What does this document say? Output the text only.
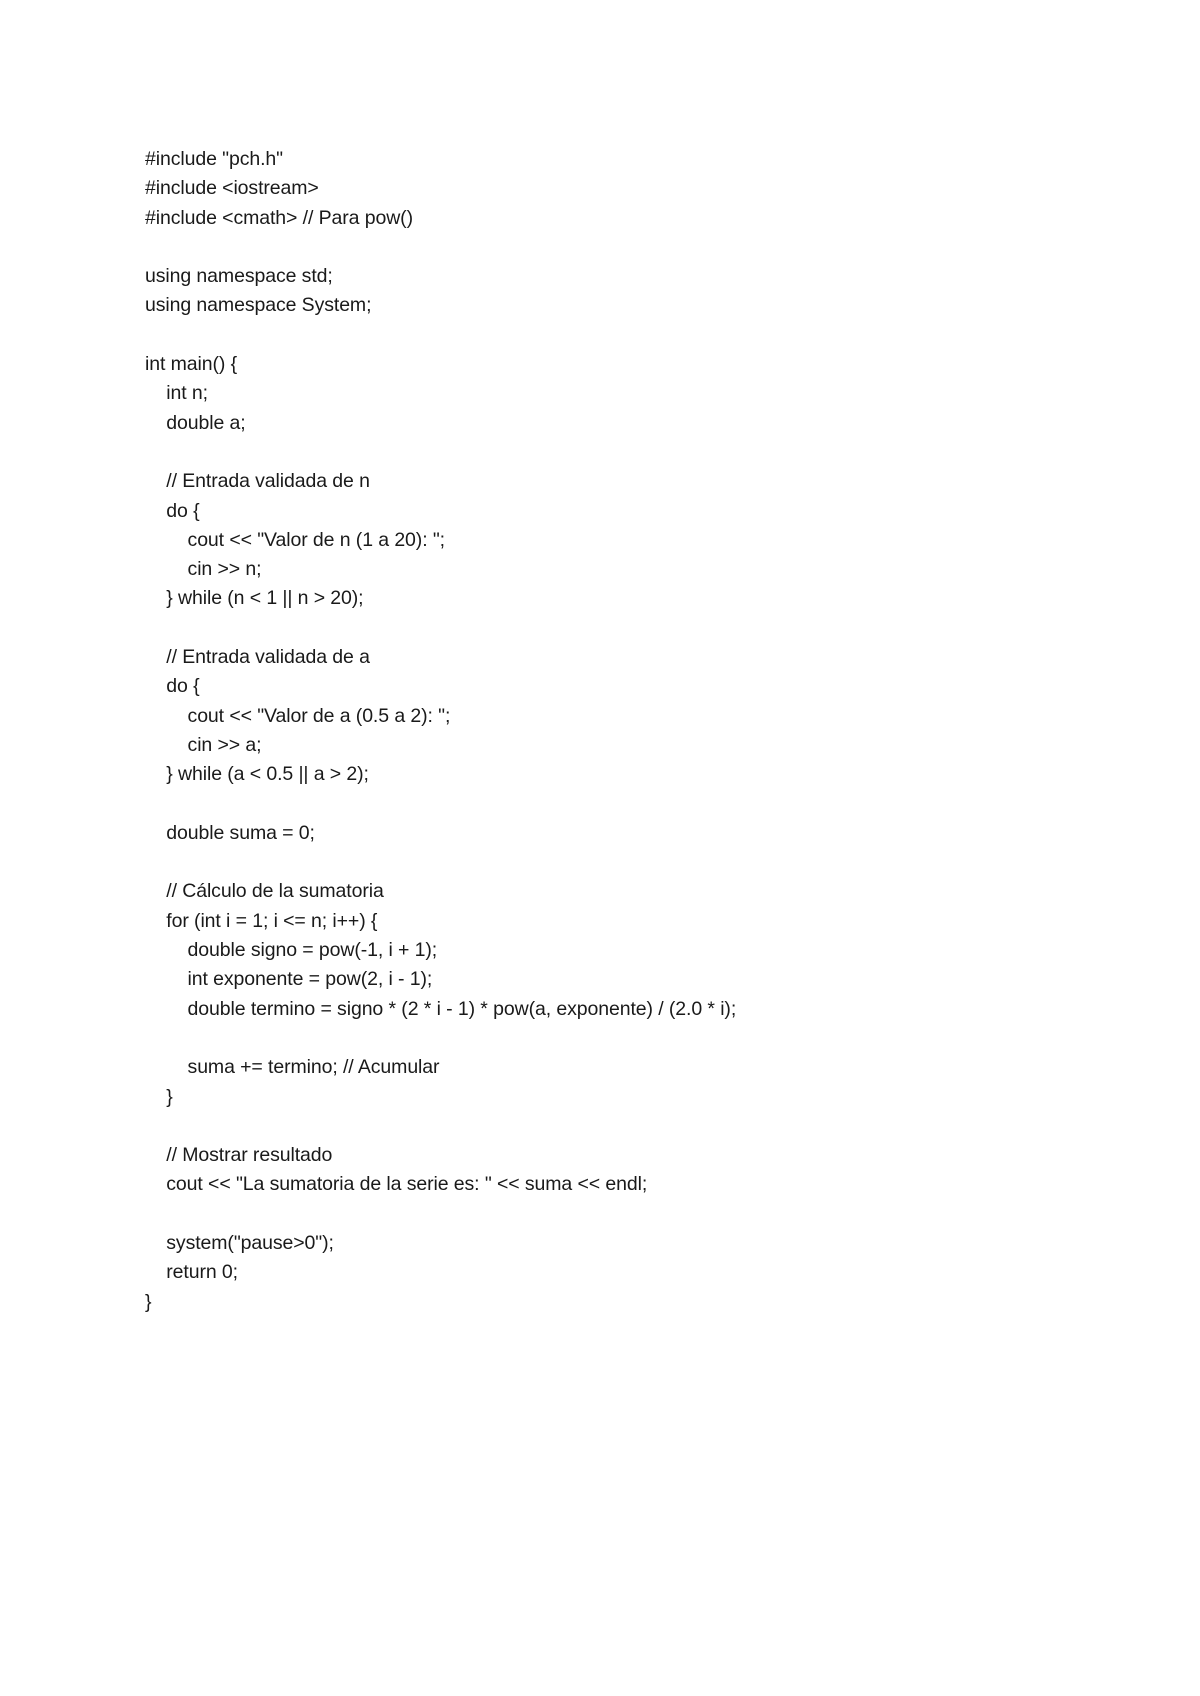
#include "pch.h"
#include <iostream>
#include <cmath> // Para pow()
using namespace std;
using namespace System;
int main() {
int n;
double a;
// Entrada validada de n
do {
cout << "Valor de n (1 a 20): ";
cin >> n;
} while (n < 1 || n > 20);
// Entrada validada de a
do {
cout << "Valor de a (0.5 a 2): ";
cin >> a;
} while (a < 0.5 || a > 2);
double suma = 0;
// Cálculo de la sumatoria
for (int i = 1; i <= n; i++) {
double signo = pow(-1, i + 1);
int exponente = pow(2, i - 1);
double termino = signo * (2 * i - 1) * pow(a, exponente) / (2.0 * i);
suma += termino; // Acumular
}
// Mostrar resultado
cout << "La sumatoria de la serie es: " << suma << endl;
system("pause>0");
return 0;
}
